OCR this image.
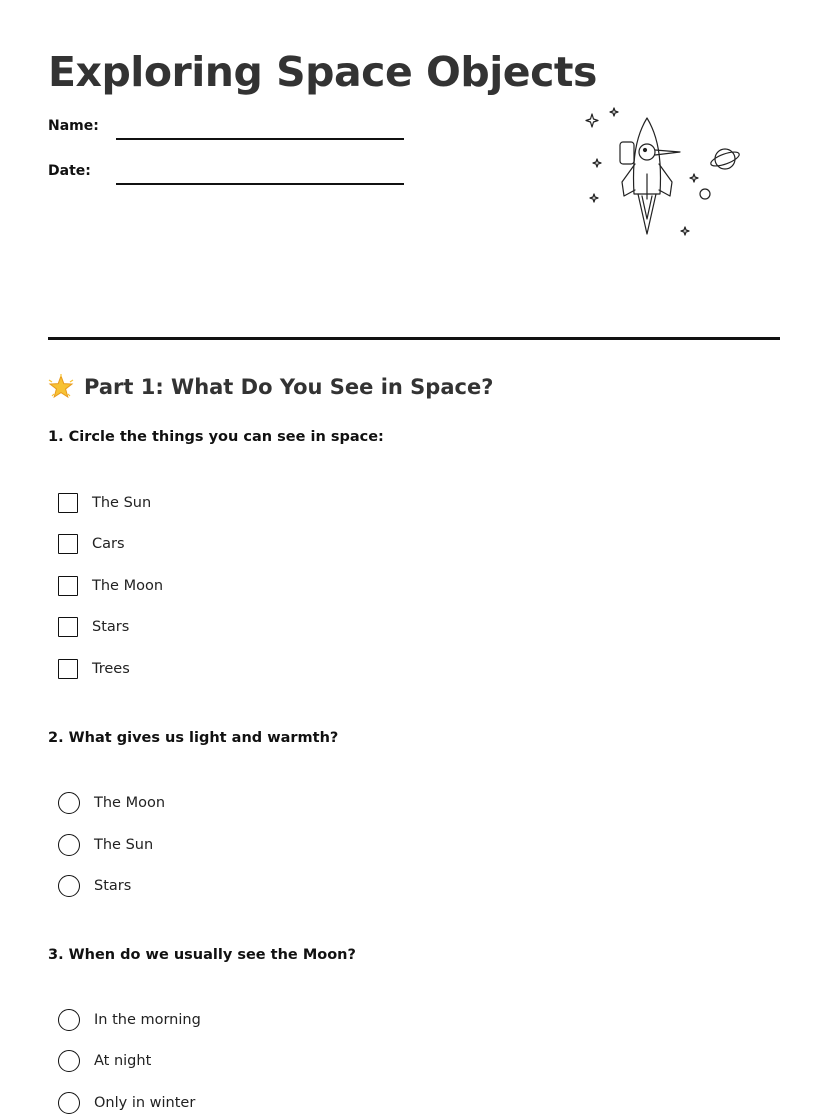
Exploring Space Objects
Name:
Date:
Part 1: What Do You See in Space?
1. Circle the things you can see in space:
The Sun
Cars
The Moon
Stars
Trees
2. What gives us light and warmth?
The Moon
The Sun
Stars
3. When do we usually see the Moon?
In the morning
At night
Only in winter
